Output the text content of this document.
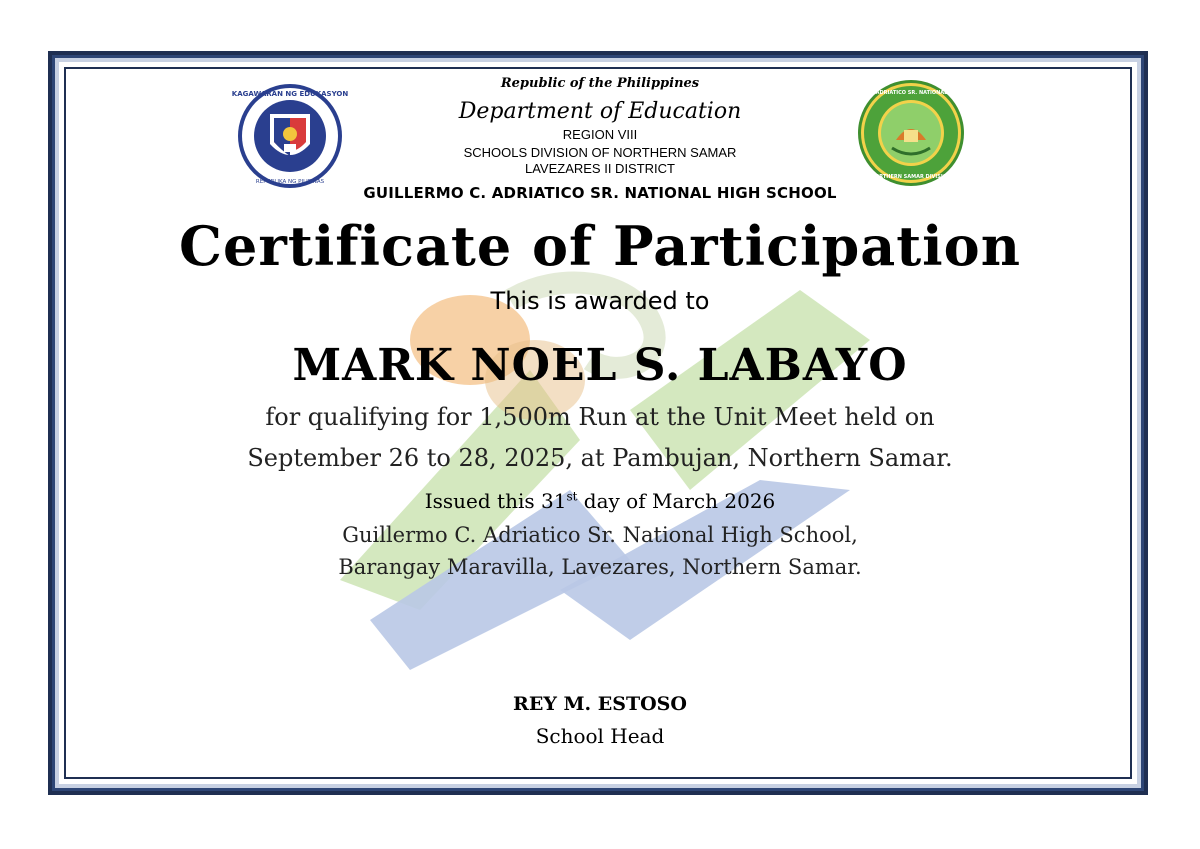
KAGAWARAN NG EDUKASYON
REPUBLIKA NG PILIPINAS
GUILLERMO C. ADRIATICO SR. NATIONAL HIGH SCHOOL
NORTHERN SAMAR DIVISION
Republic of the Philippines
Department of Education
REGION VIII
SCHOOLS DIVISION OF NORTHERN SAMAR
LAVEZARES II DISTRICT
GUILLERMO C. ADRIATICO SR. NATIONAL HIGH SCHOOL
Certificate of Participation
This is awarded to
MARK NOEL S. LABAYO
for qualifying for 1,500m Run at the Unit Meet held on
September 26 to 28, 2025, at Pambujan, Northern Samar.
Issued this 31st day of March 2026
Guillermo C. Adriatico Sr. National High School,
Barangay Maravilla, Lavezares, Northern Samar.
REY M. ESTOSO
School Head
